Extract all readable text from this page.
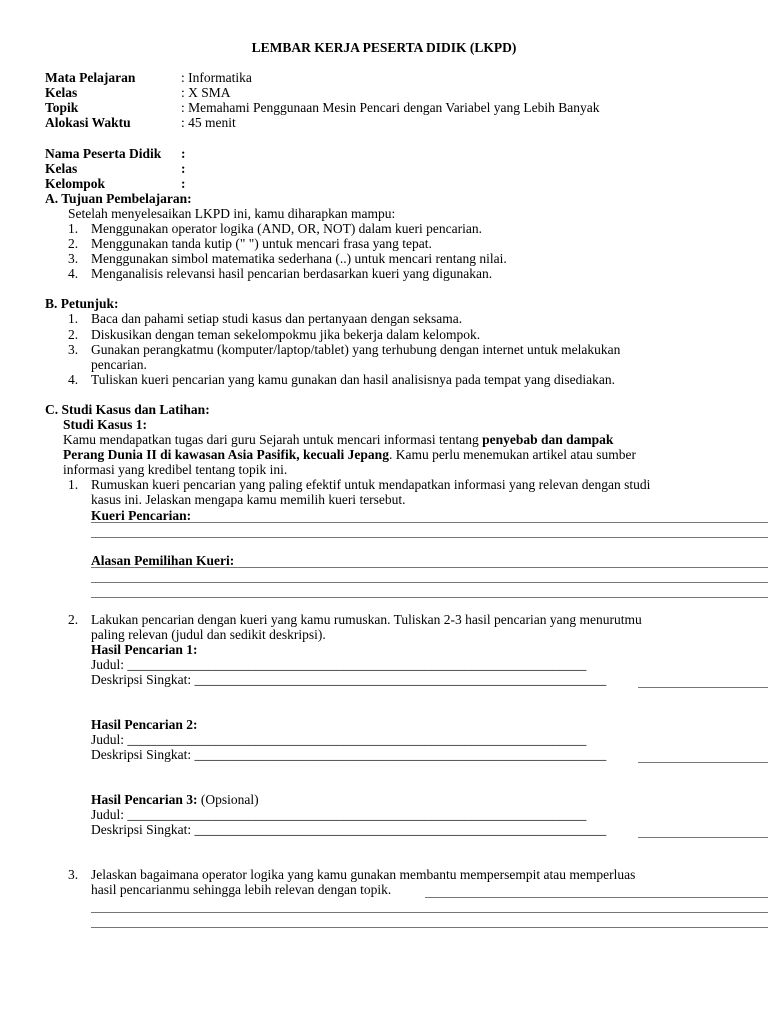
LEMBAR KERJA PESERTA DIDIK (LKPD)
Mata Pelajaran	: Informatika
Kelas	: X SMA
Topik	: Memahami Penggunaan Mesin Pencari dengan Variabel yang Lebih Banyak
Alokasi Waktu	: 45 menit
Nama Peserta Didik :
Kelas	:
Kelompok	:
A. Tujuan Pembelajaran:
Setelah menyelesaikan LKPD ini, kamu diharapkan mampu:
1. Menggunakan operator logika (AND, OR, NOT) dalam kueri pencarian.
2. Menggunakan tanda kutip (" ") untuk mencari frasa yang tepat.
3. Menggunakan simbol matematika sederhana (..) untuk mencari rentang nilai.
4. Menganalisis relevansi hasil pencarian berdasarkan kueri yang digunakan.
B. Petunjuk:
1. Baca dan pahami setiap studi kasus dan pertanyaan dengan seksama.
2. Diskusikan dengan teman sekelompokmu jika bekerja dalam kelompok.
3. Gunakan perangkatmu (komputer/laptop/tablet) yang terhubung dengan internet untuk melakukan
pencarian.
4. Tuliskan kueri pencarian yang kamu gunakan dan hasil analisisnya pada tempat yang disediakan.
C. Studi Kasus dan Latihan:
Studi Kasus 1:
Kamu mendapatkan tugas dari guru Sejarah untuk mencari informasi tentang penyebab dan dampak
Perang Dunia II di kawasan Asia Pasifik, kecuali Jepang. Kamu perlu menemukan artikel atau sumber
informasi yang kredibel tentang topik ini.
1. Rumuskan kueri pencarian yang paling efektif untuk mendapatkan informasi yang relevan dengan studi
kasus ini. Jelaskan mengapa kamu memilih kueri tersebut.
Kueri Pencarian:
Alasan Pemilihan Kueri:
2. Lakukan pencarian dengan kueri yang kamu rumuskan. Tuliskan 2-3 hasil pencarian yang menurutmu
paling relevan (judul dan sedikit deskripsi).
Hasil Pencarian 1:
Judul: ____________________________________________________________________
Deskripsi Singkat: _____________________________________________________________
Hasil Pencarian 2:
Judul: ____________________________________________________________________
Deskripsi Singkat: _____________________________________________________________
Hasil Pencarian 3: (Opsional)
Judul: ____________________________________________________________________
Deskripsi Singkat: _____________________________________________________________
3. Jelaskan bagaimana operator logika yang kamu gunakan membantu mempersempit atau memperluas
hasil pencarianmu sehingga lebih relevan dengan topik.
